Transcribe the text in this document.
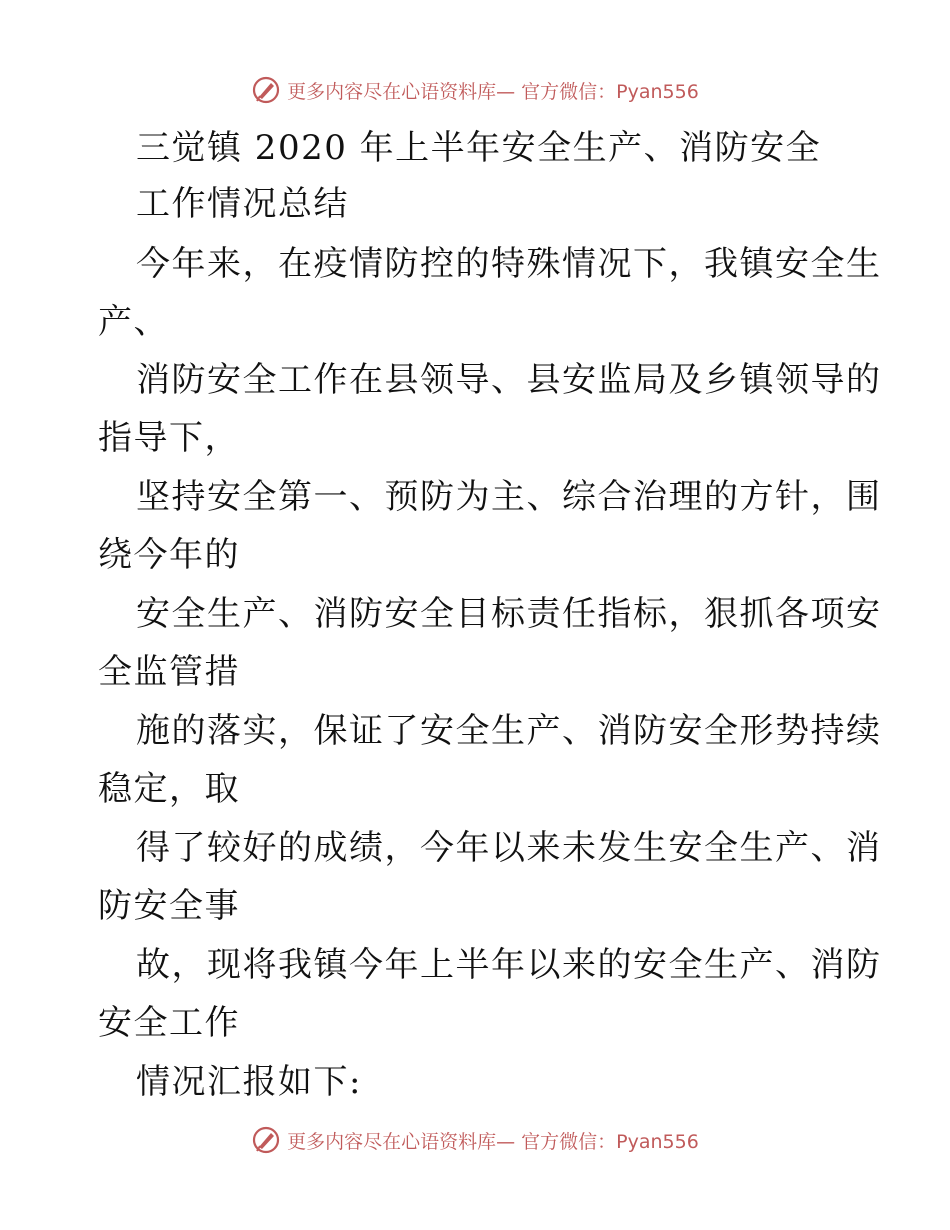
更多内容尽在心语资料库— 官方微信：Pyan556
三觉镇 2020 年上半年安全生产、消防安全
工作情况总结
今年来，在疫情防控的特殊情况下，我镇安全生
产、
消防安全工作在县领导、县安监局及乡镇领导的
指导下，
坚持安全第一、预防为主、综合治理的方针，围
绕今年的
安全生产、消防安全目标责任指标，狠抓各项安
全监管措
施的落实，保证了安全生产、消防安全形势持续
稳定，取
得了较好的成绩，今年以来未发生安全生产、消
防安全事
故，现将我镇今年上半年以来的安全生产、消防
安全工作
情况汇报如下:
更多内容尽在心语资料库— 官方微信：Pyan556
